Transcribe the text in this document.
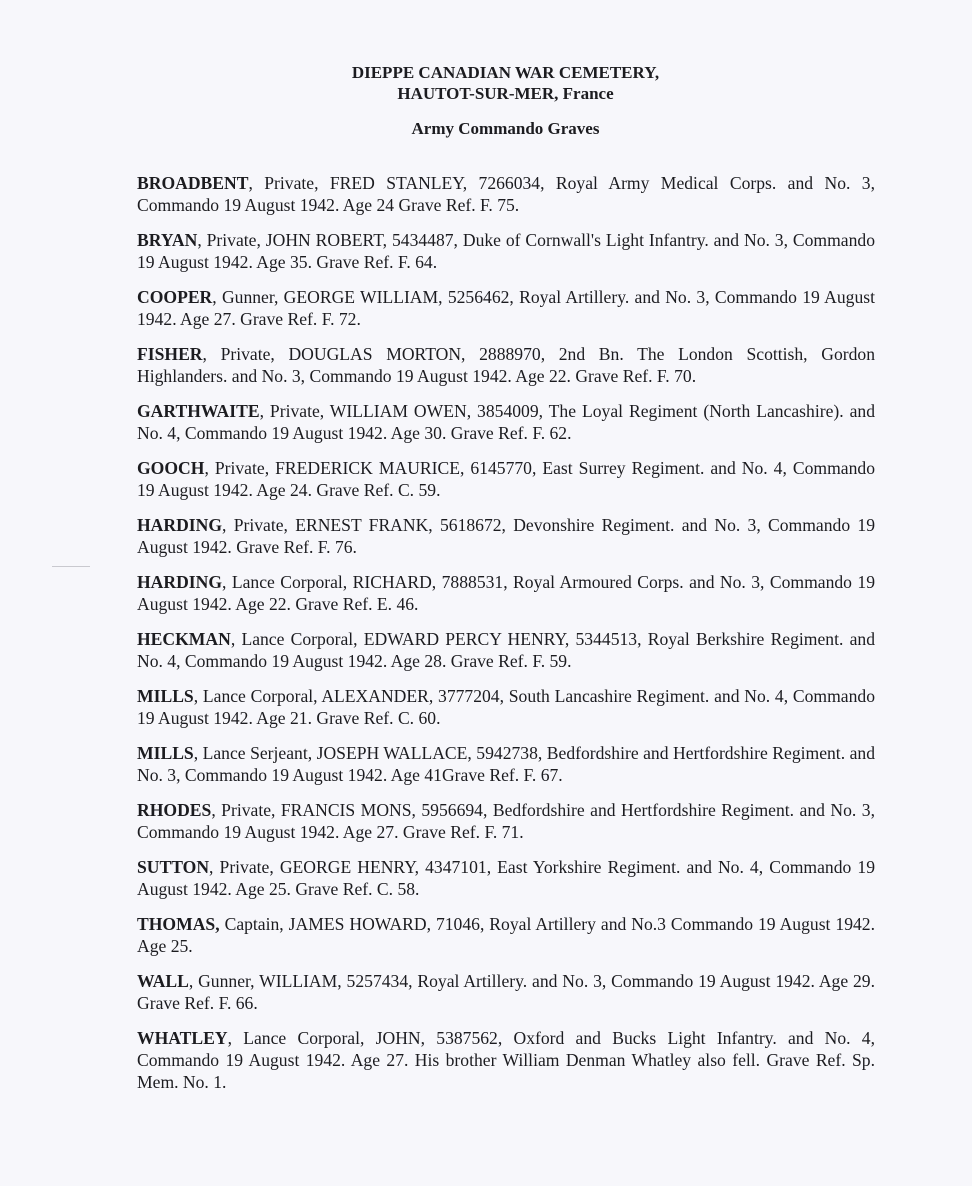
DIEPPE CANADIAN WAR CEMETERY,
HAUTOT-SUR-MER, France
Army Commando Graves

BROADBENT, Private, FRED STANLEY, 7266034, Royal Army Medical Corps. and No. 3, Commando 19 August 1942. Age 24 Grave Ref. F. 75.

BRYAN, Private, JOHN ROBERT, 5434487, Duke of Cornwall's Light Infantry. and No. 3, Commando 19 August 1942. Age 35. Grave Ref. F. 64.

COOPER, Gunner, GEORGE WILLIAM, 5256462, Royal Artillery. and No. 3, Commando 19 August 1942. Age 27. Grave Ref. F. 72.

FISHER, Private, DOUGLAS MORTON, 2888970, 2nd Bn. The London Scottish, Gordon Highlanders. and No. 3, Commando 19 August 1942. Age 22. Grave Ref. F. 70.

GARTHWAITE, Private, WILLIAM OWEN, 3854009, The Loyal Regiment (North Lancashire). and No. 4, Commando 19 August 1942. Age 30. Grave Ref. F. 62.

GOOCH, Private, FREDERICK MAURICE, 6145770, East Surrey Regiment. and No. 4, Commando 19 August 1942. Age 24. Grave Ref. C. 59.

HARDING, Private, ERNEST FRANK, 5618672, Devonshire Regiment. and No. 3, Commando 19 August 1942. Grave Ref. F. 76.

HARDING, Lance Corporal, RICHARD, 7888531, Royal Armoured Corps. and No. 3, Commando 19 August 1942. Age 22. Grave Ref. E. 46.

HECKMAN, Lance Corporal, EDWARD PERCY HENRY, 5344513, Royal Berkshire Regiment. and No. 4, Commando 19 August 1942. Age 28. Grave Ref. F. 59.

MILLS, Lance Corporal, ALEXANDER, 3777204, South Lancashire Regiment. and No. 4, Commando 19 August 1942. Age 21. Grave Ref. C. 60.

MILLS, Lance Serjeant, JOSEPH WALLACE, 5942738, Bedfordshire and Hertfordshire Regiment. and No. 3, Commando 19 August 1942. Age 41Grave Ref. F. 67.

RHODES, Private, FRANCIS MONS, 5956694, Bedfordshire and Hertfordshire Regiment. and No. 3, Commando 19 August 1942. Age 27. Grave Ref. F. 71.

SUTTON, Private, GEORGE HENRY, 4347101, East Yorkshire Regiment. and No. 4, Commando 19 August 1942. Age 25. Grave Ref. C. 58.

THOMAS, Captain, JAMES HOWARD, 71046, Royal Artillery and No.3 Commando 19 August 1942. Age 25.

WALL, Gunner, WILLIAM, 5257434, Royal Artillery. and No. 3, Commando 19 August 1942. Age 29. Grave Ref. F. 66.

WHATLEY, Lance Corporal, JOHN, 5387562, Oxford and Bucks Light Infantry. and No. 4, Commando 19 August 1942. Age 27. His brother William Denman Whatley also fell. Grave Ref. Sp. Mem. No. 1.
